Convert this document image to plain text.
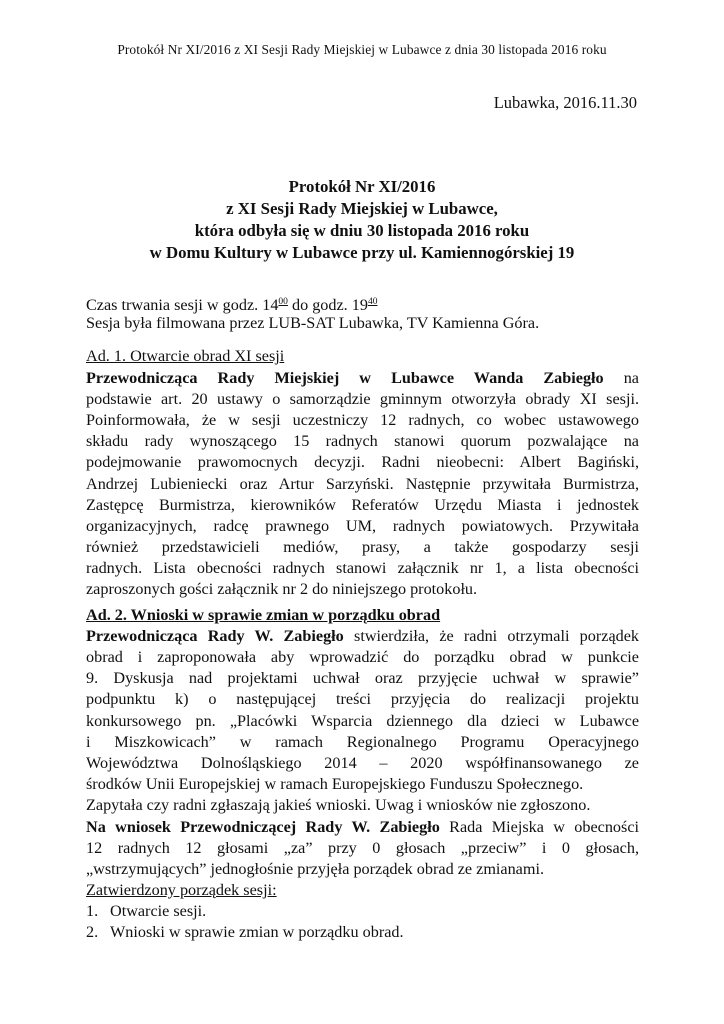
Protokół Nr XI/2016 z XI Sesji Rady Miejskiej w Lubawce z dnia 30 listopada 2016 roku
Lubawka, 2016.11.30
Protokół Nr XI/2016
z XI Sesji Rady Miejskiej w Lubawce,
która odbyła się w dniu 30 listopada 2016 roku
w Domu Kultury w Lubawce przy ul. Kamiennogórskiej 19
Czas trwania sesji w godz. $14^{00}$ do godz. $19^{40}$
Sesja była filmowana przez LUB-SAT Lubawka, TV Kamienna Góra.
Ad. 1. Otwarcie obrad XI sesji
Przewodnicząca Rady Miejskiej w Lubawce Wanda Zabiegło na
podstawie art. 20 ustawy o samorządzie gminnym otworzyła obrady XI sesji.
Poinformowała, że w sesji uczestniczy 12 radnych, co wobec ustawowego
składu rady wynoszącego 15 radnych stanowi quorum pozwalające na
podejmowanie prawomocnych decyzji. Radni nieobecni: Albert Bagiński,
Andrzej Lubieniecki oraz Artur Sarzyński. Następnie przywitała Burmistrza,
Zastępcę Burmistrza, kierowników Referatów Urzędu Miasta i jednostek
organizacyjnych, radcę prawnego UM, radnych powiatowych. Przywitała
również przedstawicieli mediów, prasy, a także gospodarzy sesji
radnych. Lista obecności radnych stanowi załącznik nr 1, a lista obecności
zaproszonych gości załącznik nr 2 do niniejszego protokołu.
Ad. 2. Wnioski w sprawie zmian w porządku obrad
Przewodnicząca Rady W. Zabiegło stwierdziła, że radni otrzymali porządek
obrad i zaproponowała aby wprowadzić do porządku obrad w punkcie
9. Dyskusja nad projektami uchwał oraz przyjęcie uchwał w sprawie”
podpunktu k) o następującej treści przyjęcia do realizacji projektu
konkursowego pn. „Placówki Wsparcia dziennego dla dzieci w Lubawce
i Miszkowicach” w ramach Regionalnego Programu Operacyjnego
Województwa Dolnośląskiego 2014 – 2020 współfinansowanego ze
środków Unii Europejskiej w ramach Europejskiego Funduszu Społecznego.
Zapytała czy radni zgłaszają jakieś wnioski. Uwag i wniosków nie zgłoszono.
Na wniosek Przewodniczącej Rady W. Zabiegło Rada Miejska w obecności
12 radnych 12 głosami „za” przy 0 głosach „przeciw” i 0 głosach,
„wstrzymujących” jednogłośnie przyjęła porządek obrad ze zmianami.
Zatwierdzony porządek sesji:
1. Otwarcie sesji.
2. Wnioski w sprawie zmian w porządku obrad.
